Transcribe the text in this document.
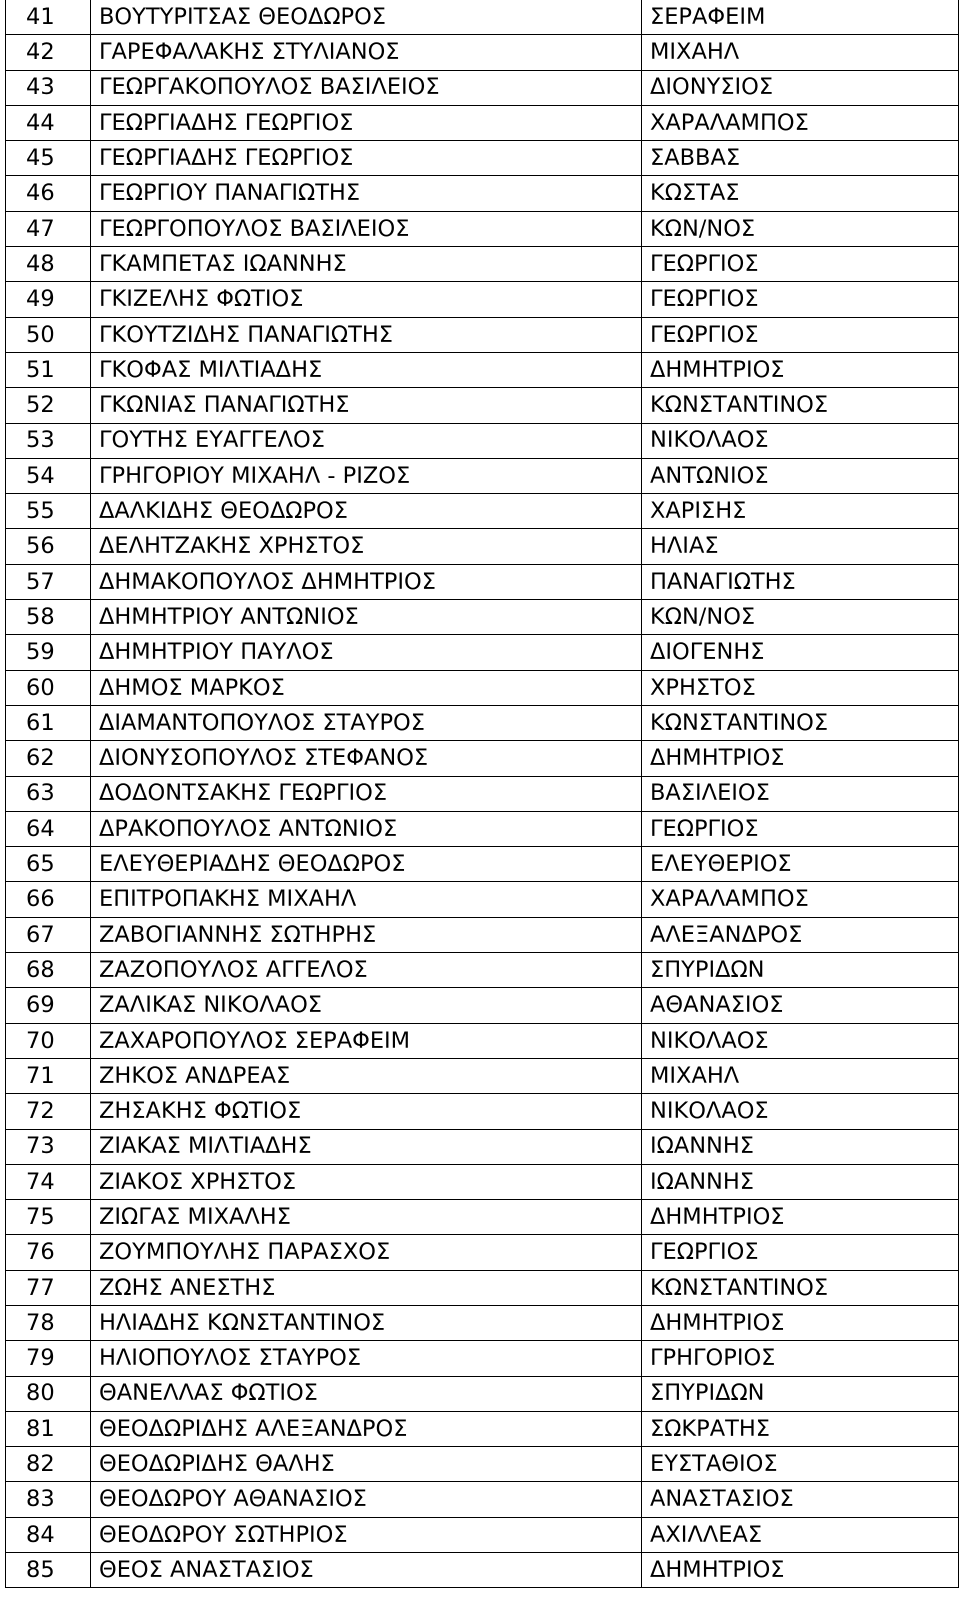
41	ΒΟΥΤΥΡΙΤΣΑΣ ΘΕΟΔΩΡΟΣ	ΣΕΡΑΦΕΙΜ
42	ΓΑΡΕΦΑΛΑΚΗΣ ΣΤΥΛΙΑΝΟΣ	ΜΙΧΑΗΛ
43	ΓΕΩΡΓΑΚΟΠΟΥΛΟΣ ΒΑΣΙΛΕΙΟΣ	ΔΙΟΝΥΣΙΟΣ
44	ΓΕΩΡΓΙΑΔΗΣ ΓΕΩΡΓΙΟΣ	ΧΑΡΑΛΑΜΠΟΣ
45	ΓΕΩΡΓΙΑΔΗΣ ΓΕΩΡΓΙΟΣ	ΣΑΒΒΑΣ
46	ΓΕΩΡΓΙΟΥ ΠΑΝΑΓΙΩΤΗΣ	ΚΩΣΤΑΣ
47	ΓΕΩΡΓΟΠΟΥΛΟΣ ΒΑΣΙΛΕΙΟΣ	ΚΩΝ/ΝΟΣ
48	ΓΚΑΜΠΕΤΑΣ ΙΩΑΝΝΗΣ	ΓΕΩΡΓΙΟΣ
49	ΓΚΙΖΕΛΗΣ ΦΩΤΙΟΣ	ΓΕΩΡΓΙΟΣ
50	ΓΚΟΥΤΖΙΔΗΣ ΠΑΝΑΓΙΩΤΗΣ	ΓΕΩΡΓΙΟΣ
51	ΓΚΟΦΑΣ ΜΙΛΤΙΑΔΗΣ	ΔΗΜΗΤΡΙΟΣ
52	ΓΚΩΝΙΑΣ ΠΑΝΑΓΙΩΤΗΣ	ΚΩΝΣΤΑΝΤΙΝΟΣ
53	ΓΟΥΤΗΣ ΕΥΑΓΓΕΛΟΣ	ΝΙΚΟΛΑΟΣ
54	ΓΡΗΓΟΡΙΟΥ ΜΙΧΑΗΛ - ΡΙΖΟΣ	ΑΝΤΩΝΙΟΣ
55	ΔΑΛΚΙΔΗΣ ΘΕΟΔΩΡΟΣ	ΧΑΡΙΣΗΣ
56	ΔΕΛΗΤΖΑΚΗΣ ΧΡΗΣΤΟΣ	ΗΛΙΑΣ
57	ΔΗΜΑΚΟΠΟΥΛΟΣ ΔΗΜΗΤΡΙΟΣ	ΠΑΝΑΓΙΩΤΗΣ
58	ΔΗΜΗΤΡΙΟΥ ΑΝΤΩΝΙΟΣ	ΚΩΝ/ΝΟΣ
59	ΔΗΜΗΤΡΙΟΥ ΠΑΥΛΟΣ	ΔΙΟΓΕΝΗΣ
60	ΔΗΜΟΣ ΜΑΡΚΟΣ	ΧΡΗΣΤΟΣ
61	ΔΙΑΜΑΝΤΟΠΟΥΛΟΣ ΣΤΑΥΡΟΣ	ΚΩΝΣΤΑΝΤΙΝΟΣ
62	ΔΙΟΝΥΣΟΠΟΥΛΟΣ ΣΤΕΦΑΝΟΣ	ΔΗΜΗΤΡΙΟΣ
63	ΔΟΔΟΝΤΣΑΚΗΣ ΓΕΩΡΓΙΟΣ	ΒΑΣΙΛΕΙΟΣ
64	ΔΡΑΚΟΠΟΥΛΟΣ ΑΝΤΩΝΙΟΣ	ΓΕΩΡΓΙΟΣ
65	ΕΛΕΥΘΕΡΙΑΔΗΣ ΘΕΟΔΩΡΟΣ	ΕΛΕΥΘΕΡΙΟΣ
66	ΕΠΙΤΡΟΠΑΚΗΣ ΜΙΧΑΗΛ	ΧΑΡΑΛΑΜΠΟΣ
67	ΖΑΒΟΓΙΑΝΝΗΣ ΣΩΤΗΡΗΣ	ΑΛΕΞΑΝΔΡΟΣ
68	ΖΑΖΟΠΟΥΛΟΣ ΑΓΓΕΛΟΣ	ΣΠΥΡΙΔΩΝ
69	ΖΑΛΙΚΑΣ ΝΙΚΟΛΑΟΣ	ΑΘΑΝΑΣΙΟΣ
70	ΖΑΧΑΡΟΠΟΥΛΟΣ ΣΕΡΑΦΕΙΜ	ΝΙΚΟΛΑΟΣ
71	ΖΗΚΟΣ ΑΝΔΡΕΑΣ	ΜΙΧΑΗΛ
72	ΖΗΣΑΚΗΣ ΦΩΤΙΟΣ	ΝΙΚΟΛΑΟΣ
73	ΖΙΑΚΑΣ ΜΙΛΤΙΑΔΗΣ	ΙΩΑΝΝΗΣ
74	ΖΙΑΚΟΣ ΧΡΗΣΤΟΣ	ΙΩΑΝΝΗΣ
75	ΖΙΩΓΑΣ ΜΙΧΑΛΗΣ	ΔΗΜΗΤΡΙΟΣ
76	ΖΟΥΜΠΟΥΛΗΣ ΠΑΡΑΣΧΟΣ	ΓΕΩΡΓΙΟΣ
77	ΖΩΗΣ ΑΝΕΣΤΗΣ	ΚΩΝΣΤΑΝΤΙΝΟΣ
78	ΗΛΙΑΔΗΣ ΚΩΝΣΤΑΝΤΙΝΟΣ	ΔΗΜΗΤΡΙΟΣ
79	ΗΛΙΟΠΟΥΛΟΣ ΣΤΑΥΡΟΣ	ΓΡΗΓΟΡΙΟΣ
80	ΘΑΝΕΛΛΑΣ ΦΩΤΙΟΣ	ΣΠΥΡΙΔΩΝ
81	ΘΕΟΔΩΡΙΔΗΣ ΑΛΕΞΑΝΔΡΟΣ	ΣΩΚΡΑΤΗΣ
82	ΘΕΟΔΩΡΙΔΗΣ ΘΑΛΗΣ	ΕΥΣΤΑΘΙΟΣ
83	ΘΕΟΔΩΡΟΥ ΑΘΑΝΑΣΙΟΣ	ΑΝΑΣΤΑΣΙΟΣ
84	ΘΕΟΔΩΡΟΥ ΣΩΤΗΡΙΟΣ	ΑΧΙΛΛΕΑΣ
85	ΘΕΟΣ ΑΝΑΣΤΑΣΙΟΣ	ΔΗΜΗΤΡΙΟΣ
